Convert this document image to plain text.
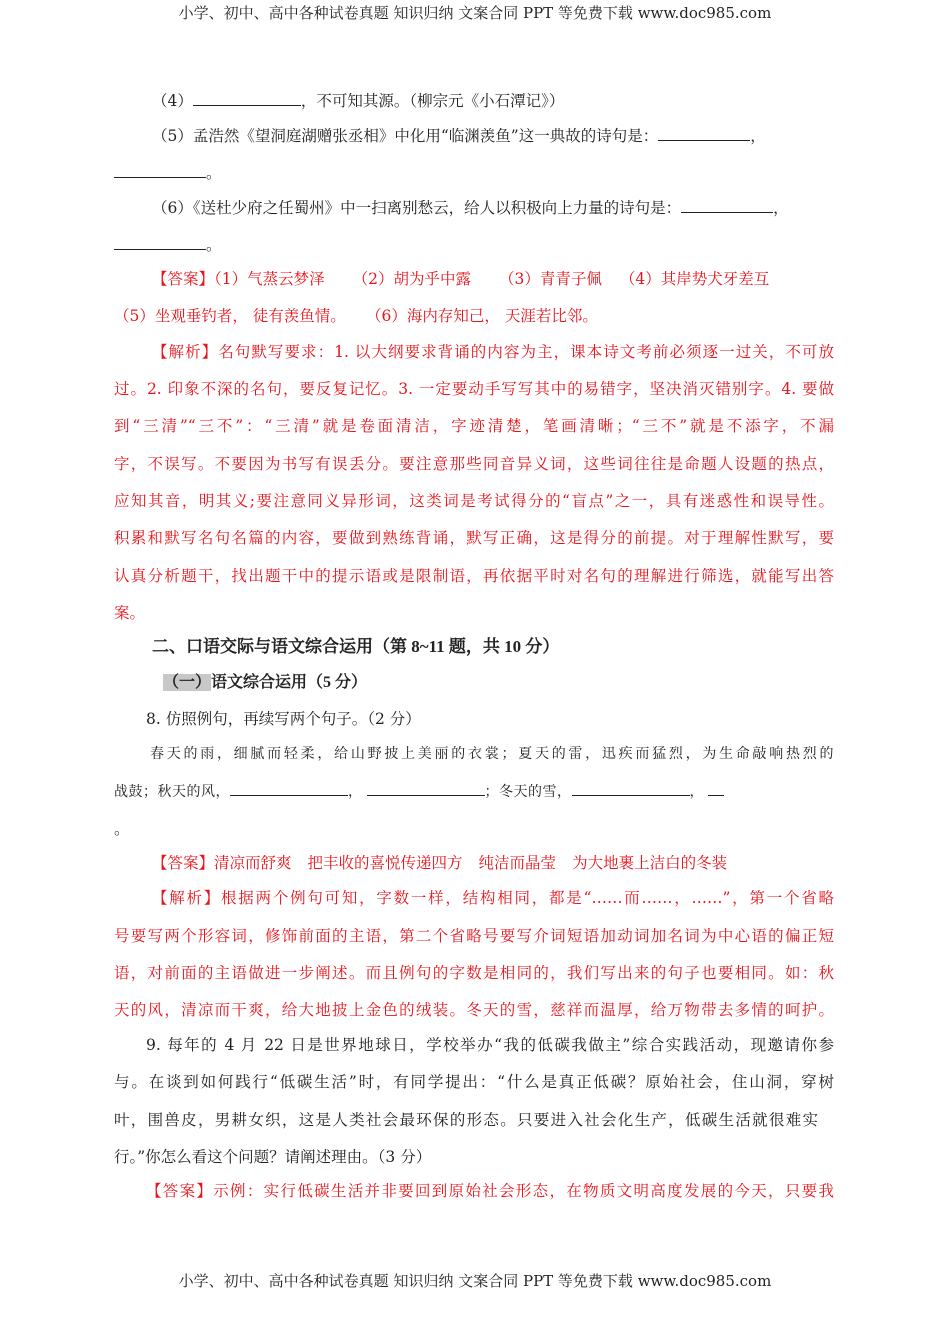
小学、初中、高中各种试卷真题 知识归纳 文案合同 PPT 等免费下载 www.doc985.com
（4）	，不可知其源。（柳宗元《小石潭记》）
（5）孟浩然《望洞庭湖赠张丞相》中化用“临渊羡鱼”这一典故的诗句是：	，
。
（6）《送杜少府之任蜀州》中一扫离别愁云，给人以积极向上力量的诗句是：	，
。
【答案】（1）气蒸云梦泽 （2）胡为乎中露 （3）青青子佩 （4）其岸势犬牙差互
（5）坐观垂钓者， 徒有羡鱼情。 （6）海内存知己， 天涯若比邻。
【解析】名句默写要求：1. 以大纲要求背诵的内容为主，课本诗文考前必须逐一过关，不可放
过。2. 印象不深的名句，要反复记忆。3. 一定要动手写写其中的易错字，坚决消灭错别字。4. 要做
到“三清”“三不”：“三清”就是卷面清洁，字迹清楚，笔画清晰；“三不”就是不添字，不漏
字，不误写。不要因为书写有误丢分。要注意那些同音异义词，这些词往往是命题人设题的热点，
应知其音，明其义;要注意同义异形词，这类词是考试得分的“盲点”之一，具有迷惑性和误导性。
积累和默写名句名篇的内容，要做到熟练背诵，默写正确，这是得分的前提。对于理解性默写，要
认真分析题干，找出题干中的提示语或是限制语，再依据平时对名句的理解进行筛选，就能写出答
案。
二、口语交际与语文综合运用（第 8~11 题，共 10 分）
（一）语文综合运用（5 分）
8. 仿照例句，再续写两个句子。（2 分）
春天的雨，细腻而轻柔，给山野披上美丽的衣裳；夏天的雷，迅疾而猛烈，为生命敲响热烈的
战鼓；秋天的风，	，	；冬天的雪，	，
。
【答案】清凉而舒爽 把丰收的喜悦传递四方 纯洁而晶莹 为大地裹上洁白的冬装
【解析】根据两个例句可知，字数一样，结构相同，都是“……而……，……”，第一个省略
号要写两个形容词，修饰前面的主语，第二个省略号要写介词短语加动词加名词为中心语的偏正短
语，对前面的主语做进一步阐述。而且例句的字数是相同的，我们写出来的句子也要相同。如：秋
天的风，清凉而干爽，给大地披上金色的绒装。冬天的雪，慈祥而温厚，给万物带去多情的呵护。
9. 每年的 4 月 22 日是世界地球日，学校举办“我的低碳我做主”综合实践活动，现邀请你参
与。在谈到如何践行“低碳生活”时，有同学提出：“什么是真正低碳？原始社会，住山洞，穿树
叶，围兽皮，男耕女织，这是人类社会最环保的形态。只要进入社会化生产，低碳生活就很难实
行。”你怎么看这个问题？请阐述理由。（3 分）
【答案】示例：实行低碳生活并非要回到原始社会形态，在物质文明高度发展的今天，只要我
小学、初中、高中各种试卷真题 知识归纳 文案合同 PPT 等免费下载 www.doc985.com
